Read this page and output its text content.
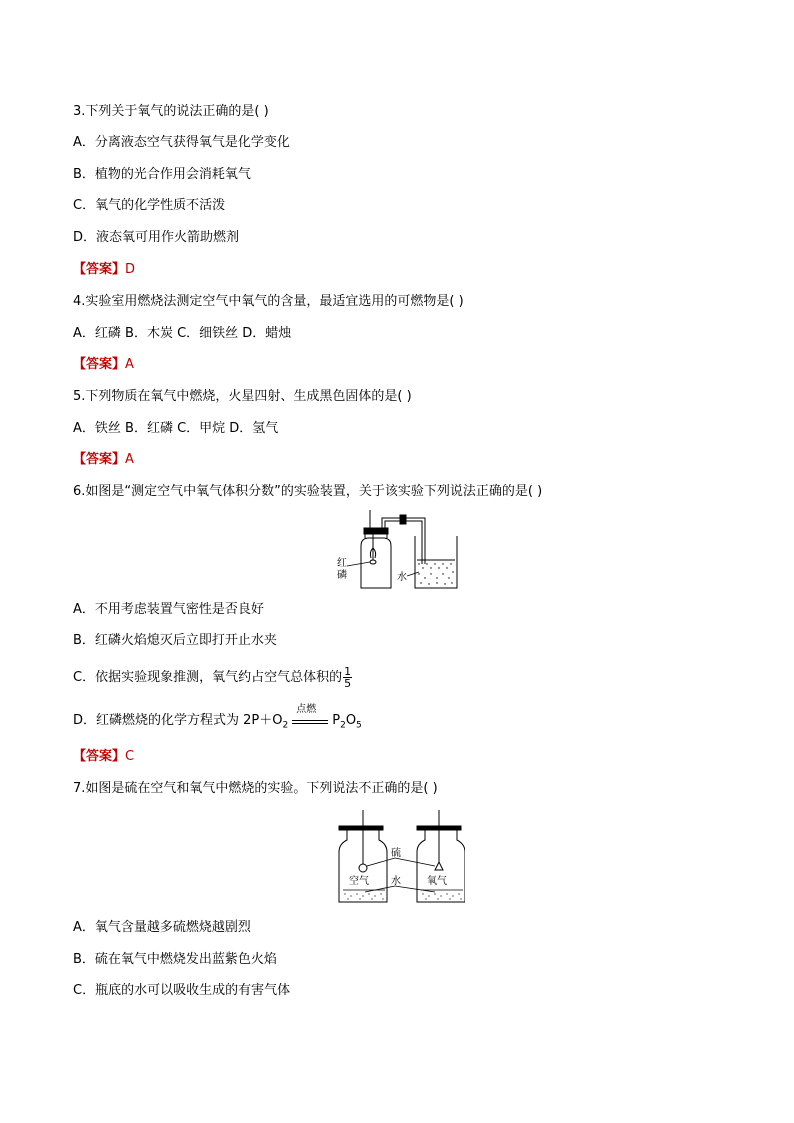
3.下列关于氧气的说法正确的是( )
A．分离液态空气获得氧气是化学变化
B．植物的光合作用会消耗氧气
C．氧气的化学性质不活泼
D．液态氧可用作火箭助燃剂
【答案】D
4.实验室用燃烧法测定空气中氧气的含量，最适宜选用的可燃物是( )
A．红磷 B．木炭 C．细铁丝 D．蜡烛
【答案】A
5.下列物质在氧气中燃烧，火星四射、生成黑色固体的是( )
A．铁丝 B．红磷 C．甲烷 D．氢气
【答案】A
6.如图是“测定空气中氧气体积分数”的实验装置，关于该实验下列说法正确的是( )
红
磷	水
A．不用考虑装置气密性是否良好
B．红磷火焰熄灭后立即打开止水夹
C．依据实验现象推测，氧气约占空气总体积的 $\frac{1}{5}$
D．红磷燃烧的化学方程式为 $2P+O_2$
点燃
$P_2O_5$
【答案】C
7.如图是硫在空气和氧气中燃烧的实验。下列说法不正确的是( )
硫
空气 水	氧气
A．氧气含量越多硫燃烧越剧烈
B．硫在氧气中燃烧发出蓝紫色火焰
C．瓶底的水可以吸收生成的有害气体
